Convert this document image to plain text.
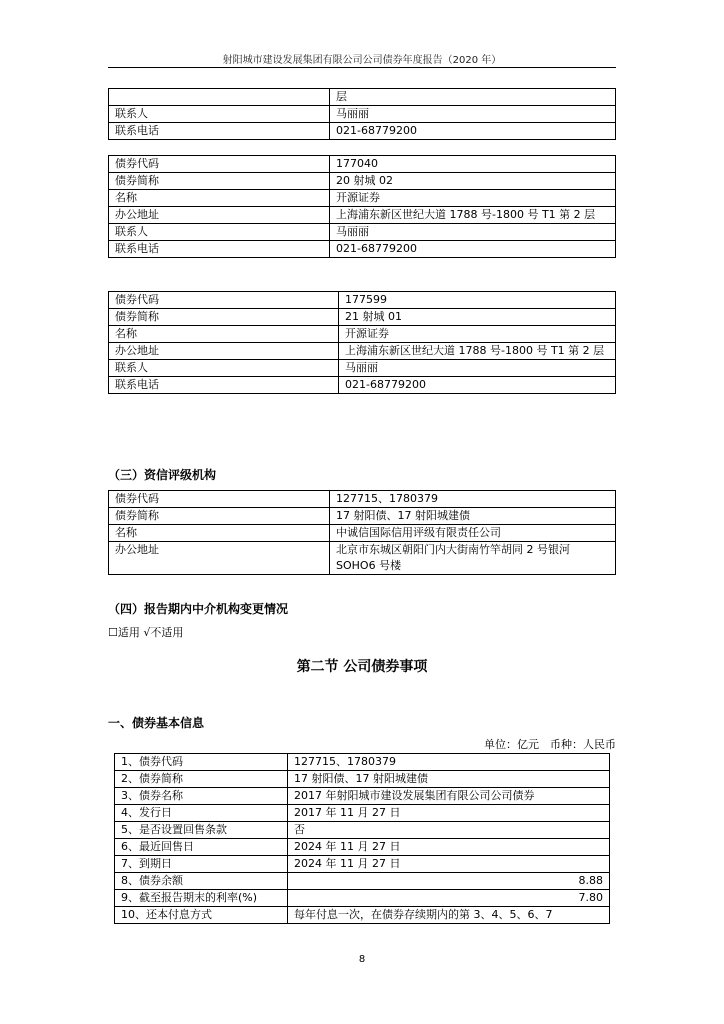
射阳城市建设发展集团有限公司公司债券年度报告（2020 年）
	层
联系人	马丽丽
联系电话	021-68779200
债券代码	177040
债券简称	20 射城 02
名称	开源证券
办公地址	上海浦东新区世纪大道 1788 号-1800 号 T1 第 2 层
联系人	马丽丽
联系电话	021-68779200
债券代码	177599
债券简称	21 射城 01
名称	开源证券
办公地址	上海浦东新区世纪大道 1788 号-1800 号 T1 第 2 层
联系人	马丽丽
联系电话	021-68779200
（三）资信评级机构
债券代码	127715、1780379
债券简称	17 射阳债、17 射阳城建债
名称	中诚信国际信用评级有限责任公司
办公地址	北京市东城区朝阳门内大街南竹竿胡同 2 号银河 SOHO6 号楼
（四）报告期内中介机构变更情况
☐适用 √不适用
第二节 公司债券事项
一、债券基本信息
单位：亿元　币种：人民币
1、债券代码	127715、1780379
2、债券简称	17 射阳债、17 射阳城建债
3、债券名称	2017 年射阳城市建设发展集团有限公司公司债券
4、发行日	2017 年 11 月 27 日
5、是否设置回售条款	否
6、最近回售日	2024 年 11 月 27 日
7、到期日	2024 年 11 月 27 日
8、债券余额	8.88
9、截至报告期末的利率(%)	7.80
10、还本付息方式	每年付息一次，在债券存续期内的第 3、4、5、6、7
8
